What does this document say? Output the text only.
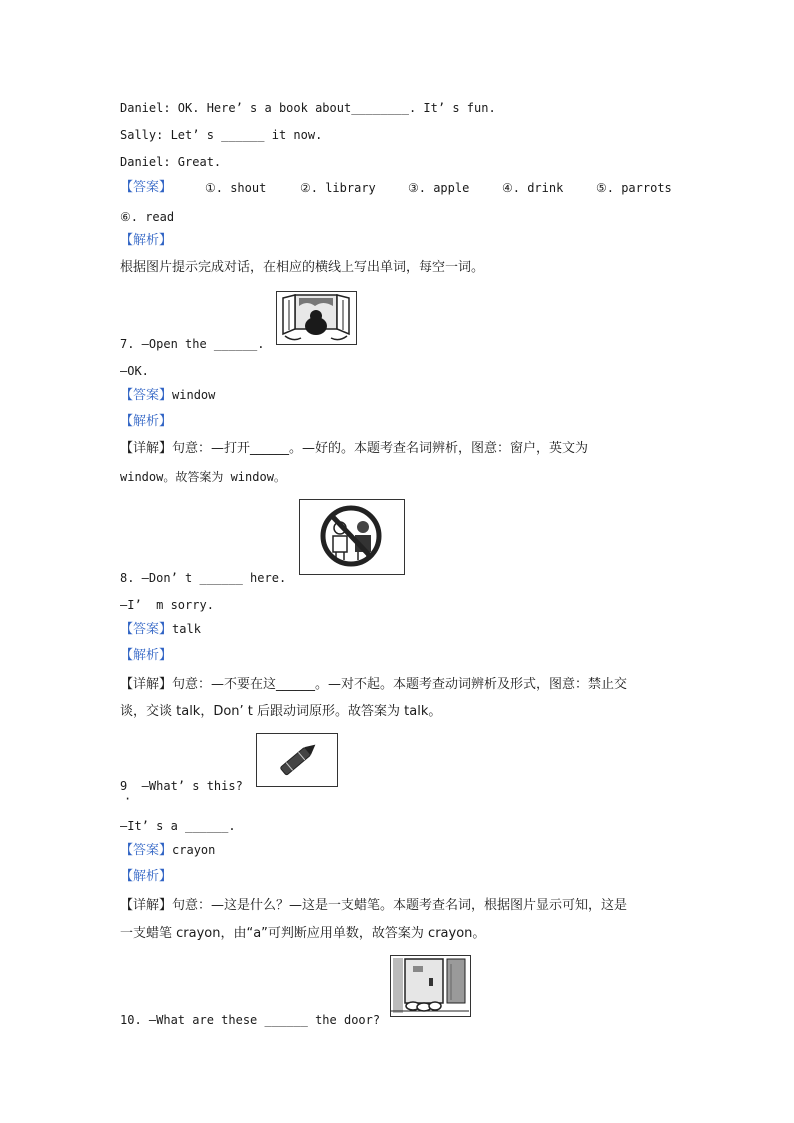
Daniel: OK. Here’ s a book about________. It’ s fun.
Sally: Let’ s ______ it now.
Daniel: Great.
【答案】	①. shout	②. library	③. apple	④. drink	⑤. parrots
⑥. read
【解析】
根据图片提示完成对话，在相应的横线上写出单词，每空一词。
7. —Open the ______.
—OK.
【答案】window
【解析】
【详解】句意：—打开______。—好的。本题考查名词辨析，图意：窗户，英文为
window。故答案为 window。
8. —Don’ t ______ here.
—I’  m sorry.
【答案】talk
【解析】
【详解】句意：—不要在这______。—对不起。本题考查动词辨析及形式，图意：禁止交
谈，交谈 talk，Don’ t 后跟动词原形。故答案为 talk。
9  —What’ s this?
·
—It’ s a ______.
【答案】crayon
【解析】
【详解】句意：—这是什么？—这是一支蜡笔。本题考查名词，根据图片显示可知，这是
一支蜡笔 crayon，由“a”可判断应用单数，故答案为 crayon。
10. —What are these ______ the door?
